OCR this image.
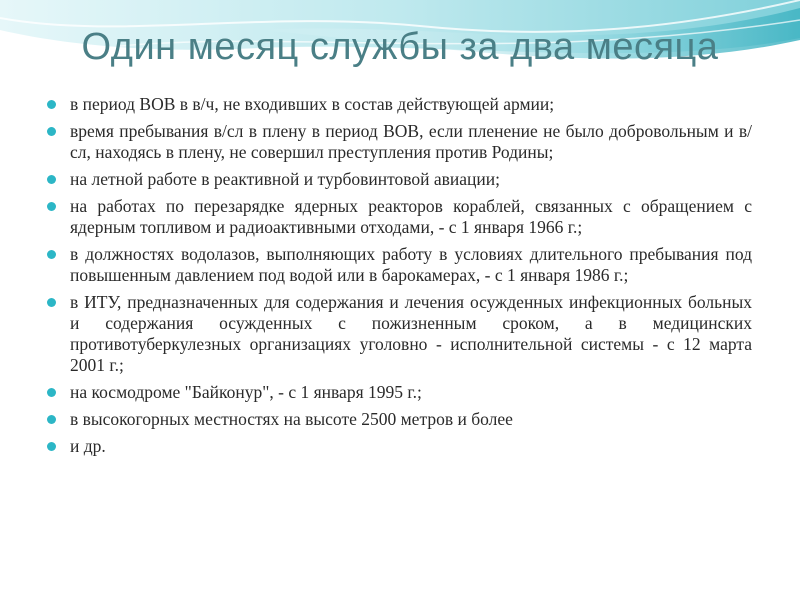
Один месяц службы за два месяца
в период ВОВ в в/ч, не входивших в состав действующей армии;
время пребывания в/сл в плену в период ВОВ, если пленение не было добровольным и в/сл, находясь в плену, не совершил преступления против Родины;
на летной работе в реактивной и турбовинтовой авиации;
на работах по перезарядке ядерных реакторов кораблей, связанных с обращением с ядерным топливом и радиоактивными отходами, - с 1 января 1966 г.;
в должностях водолазов, выполняющих работу в условиях длительного пребывания под повышенным давлением под водой или в барокамерах, - с 1 января 1986 г.;
в ИТУ, предназначенных для содержания и лечения осужденных инфекционных больных и содержания осужденных с пожизненным сроком, а в медицинских противотуберкулезных организациях уголовно - исполнительной системы - с 12 марта 2001 г.;
на космодроме "Байконур", - с 1 января 1995 г.;
в высокогорных местностях на высоте 2500 метров и более
и др.
